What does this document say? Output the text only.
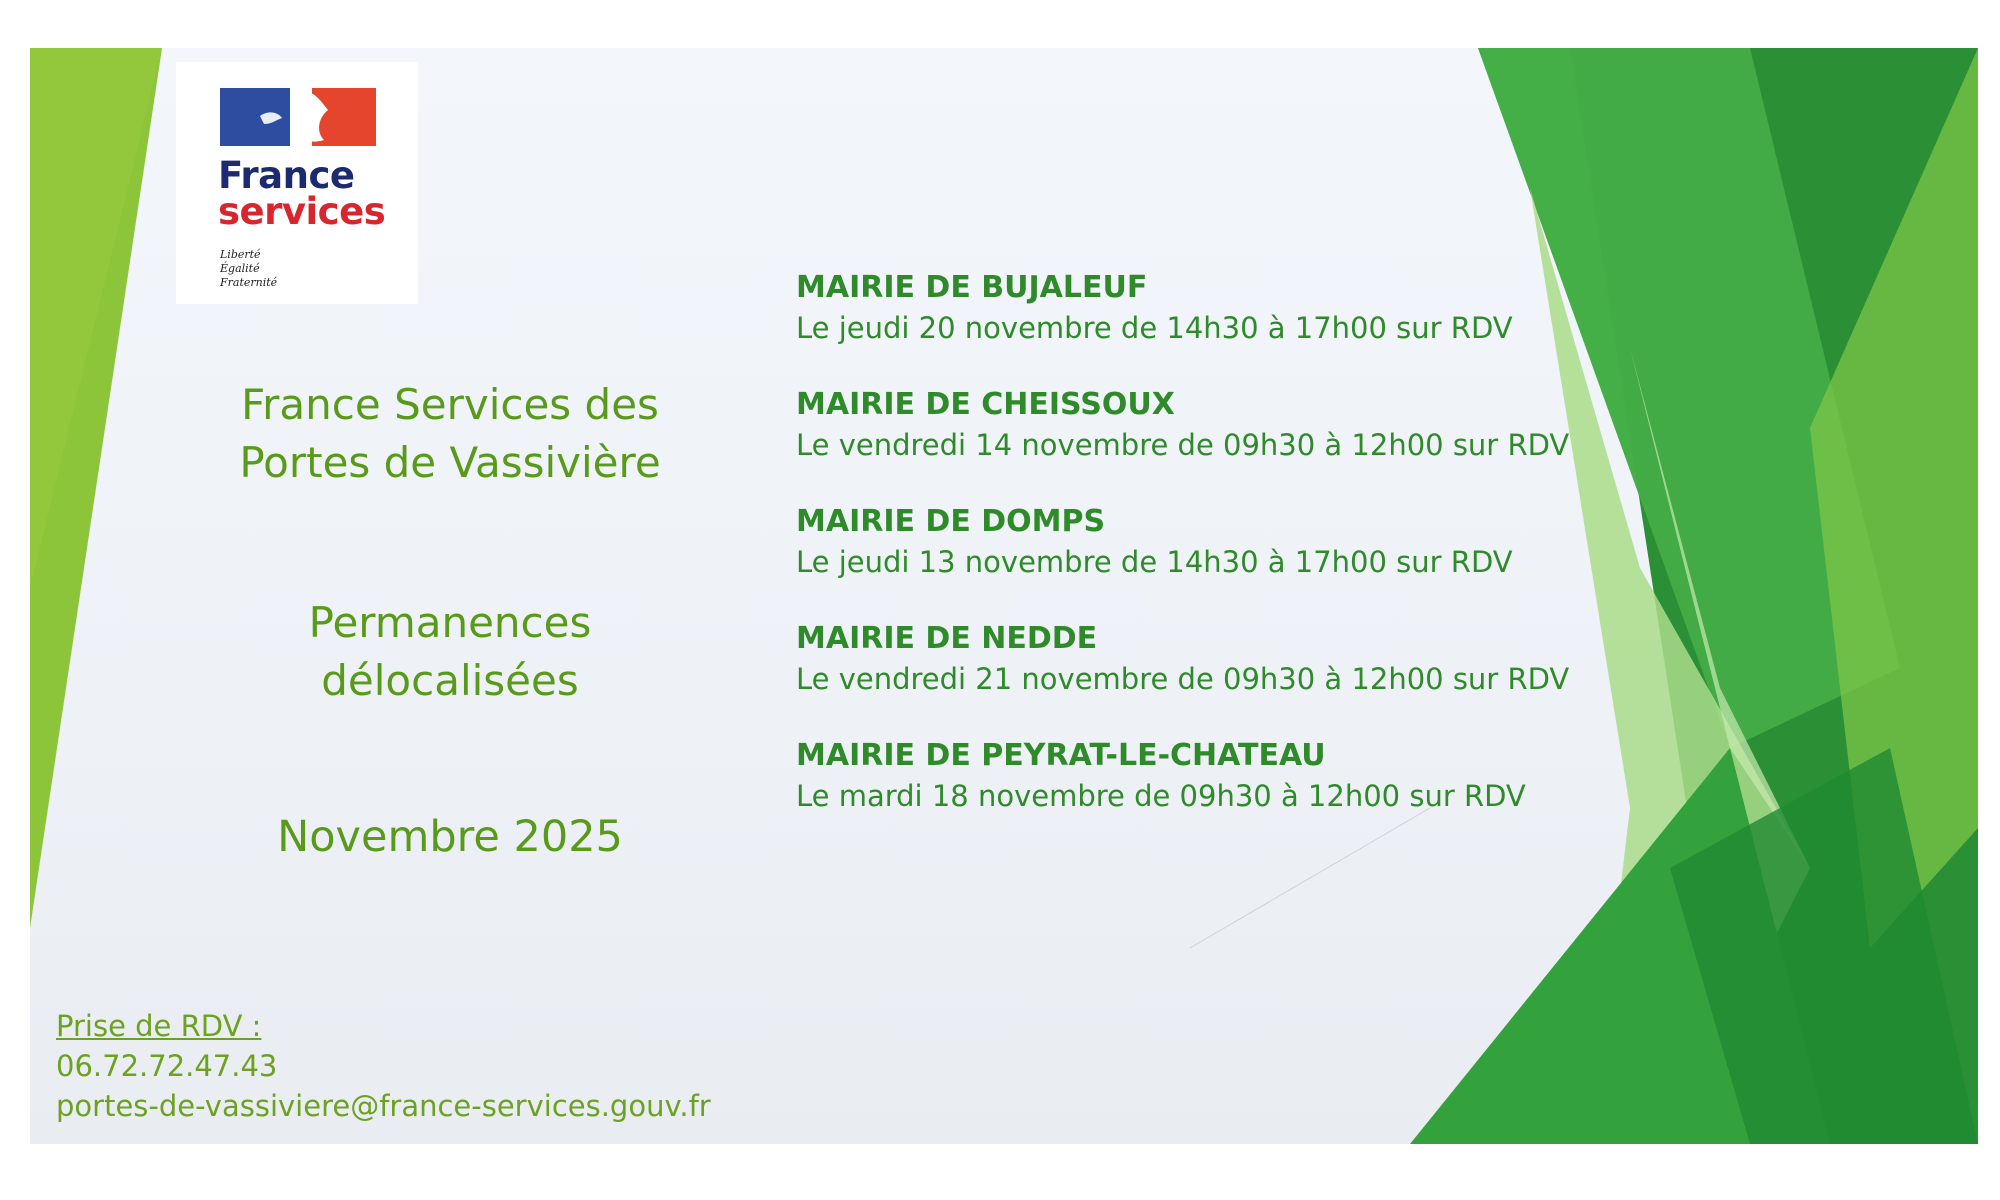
France
services
Liberté
Égalité
Fraternité
France Services des
Portes de Vassivière
Permanences
délocalisées
Novembre 2025
MAIRIE DE BUJALEUF
Le jeudi 20 novembre de 14h30 à 17h00 sur RDV
MAIRIE DE CHEISSOUX
Le vendredi 14 novembre de 09h30 à 12h00 sur RDV
MAIRIE DE DOMPS
Le jeudi 13 novembre de 14h30 à 17h00 sur RDV
MAIRIE DE NEDDE
Le vendredi 21 novembre de 09h30 à 12h00 sur RDV
MAIRIE DE PEYRAT-LE-CHATEAU
Le mardi 18 novembre de 09h30 à 12h00 sur RDV
Prise de RDV :
06.72.72.47.43
portes-de-vassiviere@france-services.gouv.fr
